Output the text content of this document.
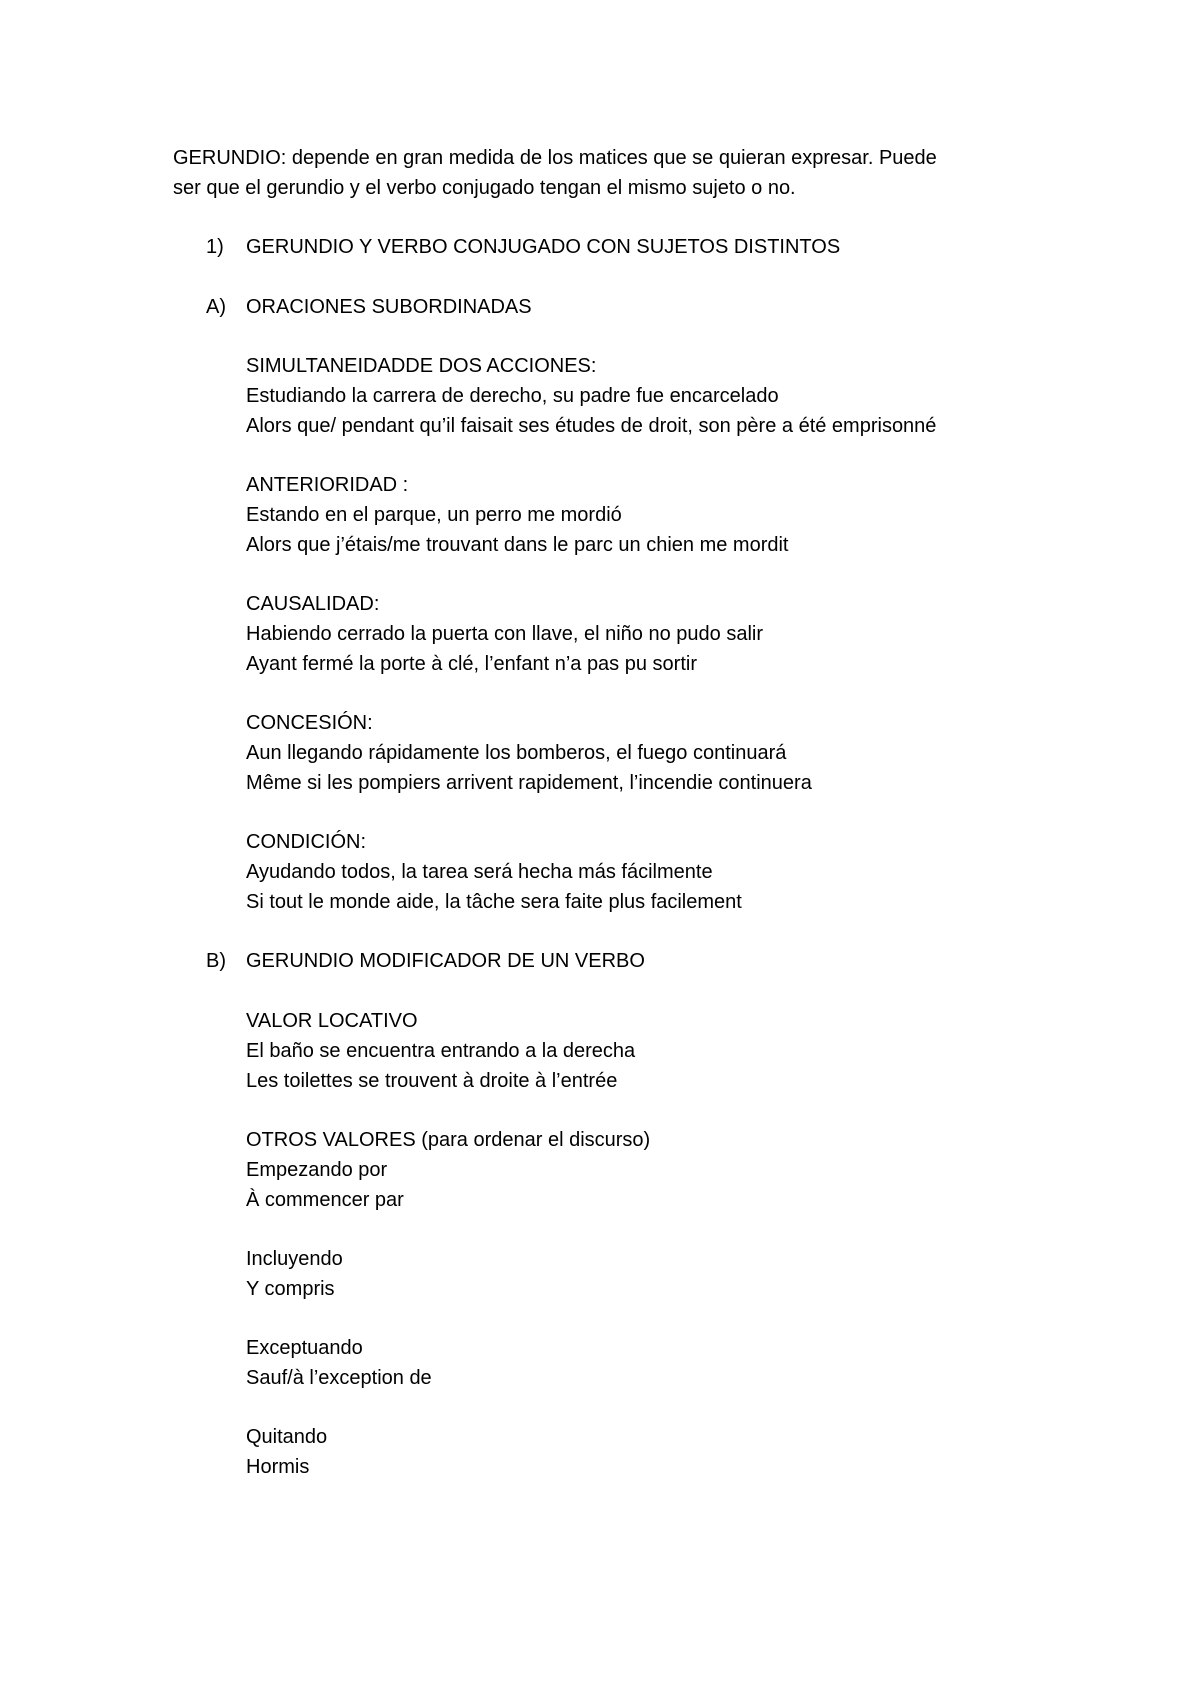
GERUNDIO: depende en gran medida de los matices que se quieran expresar. Puede
ser que el gerundio y el verbo conjugado tengan el mismo sujeto o no.
1) GERUNDIO Y VERBO CONJUGADO CON SUJETOS DISTINTOS
A) ORACIONES SUBORDINADAS
SIMULTANEIDADDE DOS ACCIONES:
Estudiando la carrera de derecho, su padre fue encarcelado
Alors que/ pendant qu’il faisait ses études de droit, son père a été emprisonné
ANTERIORIDAD :
Estando en el parque, un perro me mordió
Alors que j’étais/me trouvant dans le parc un chien me mordit
CAUSALIDAD:
Habiendo cerrado la puerta con llave, el niño no pudo salir
Ayant fermé la porte à clé, l’enfant n’a pas pu sortir
CONCESIÓN:
Aun llegando rápidamente los bomberos, el fuego continuará
Même si les pompiers arrivent rapidement, l’incendie continuera
CONDICIÓN:
Ayudando todos, la tarea será hecha más fácilmente
Si tout le monde aide, la tâche sera faite plus facilement
B) GERUNDIO MODIFICADOR DE UN VERBO
VALOR LOCATIVO
El baño se encuentra entrando a la derecha
Les toilettes se trouvent à droite à l’entrée
OTROS VALORES (para ordenar el discurso)
Empezando por
À commencer par
Incluyendo
Y compris
Exceptuando
Sauf/à l’exception de
Quitando
Hormis
